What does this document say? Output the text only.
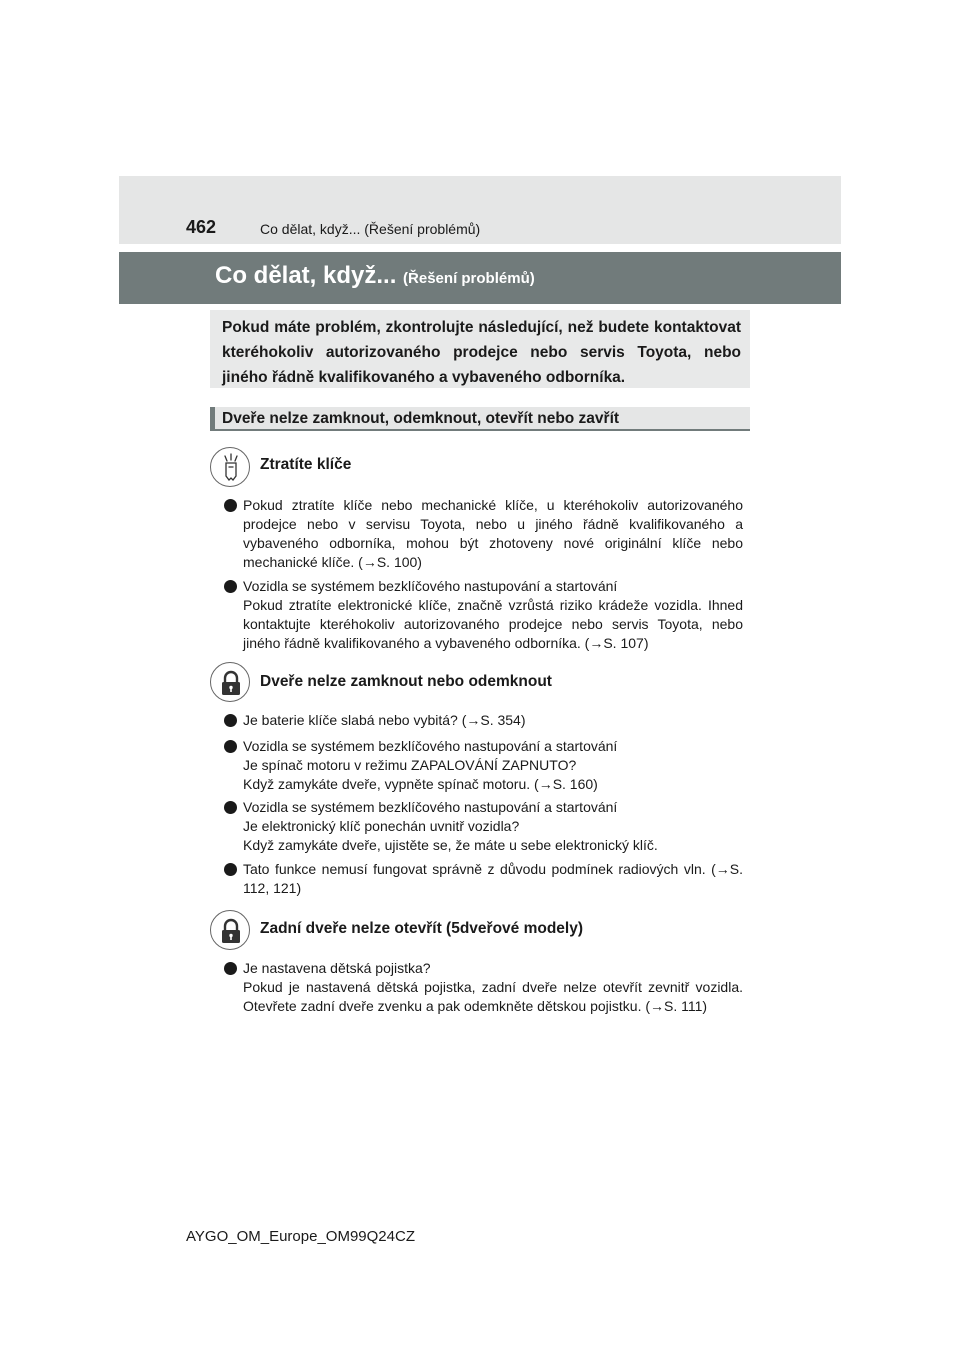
462	Co dělat, když... (Řešení problémů)
Co dělat, když... (Řešení problémů)
Pokud máte problém, zkontrolujte následující, než budete kontaktovat kteréhokoliv autorizovaného prodejce nebo servis Toyota, nebo jiného řádně kvalifikovaného a vybaveného odborníka.
Dveře nelze zamknout, odemknout, otevřít nebo zavřít
Ztratíte klíče
Pokud ztratíte klíče nebo mechanické klíče, u kteréhokoliv autorizovaného prodejce nebo v servisu Toyota, nebo u jiného řádně kvalifikovaného a vybaveného odborníka, mohou být zhotoveny nové originální klíče nebo mechanické klíče. (→S. 100)
Vozidla se systémem bezklíčového nastupování a startování
Pokud ztratíte elektronické klíče, značně vzrůstá riziko krádeže vozidla. Ihned kontaktujte kteréhokoliv autorizovaného prodejce nebo servis Toyota, nebo jiného řádně kvalifikovaného a vybaveného odborníka. (→S. 107)
Dveře nelze zamknout nebo odemknout
Je baterie klíče slabá nebo vybitá? (→S. 354)
Vozidla se systémem bezklíčového nastupování a startování
Je spínač motoru v režimu ZAPALOVÁNÍ ZAPNUTO?
Když zamykáte dveře, vypněte spínač motoru. (→S. 160)
Vozidla se systémem bezklíčového nastupování a startování
Je elektronický klíč ponechán uvnitř vozidla?
Když zamykáte dveře, ujistěte se, že máte u sebe elektronický klíč.
Tato funkce nemusí fungovat správně z důvodu podmínek radiových vln. (→S. 112, 121)
Zadní dveře nelze otevřít (5dveřové modely)
Je nastavena dětská pojistka?
Pokud je nastavená dětská pojistka, zadní dveře nelze otevřít zevnitř vozidla. Otevřete zadní dveře zvenku a pak odemkněte dětskou pojistku. (→S. 111)
AYGO_OM_Europe_OM99Q24CZ
